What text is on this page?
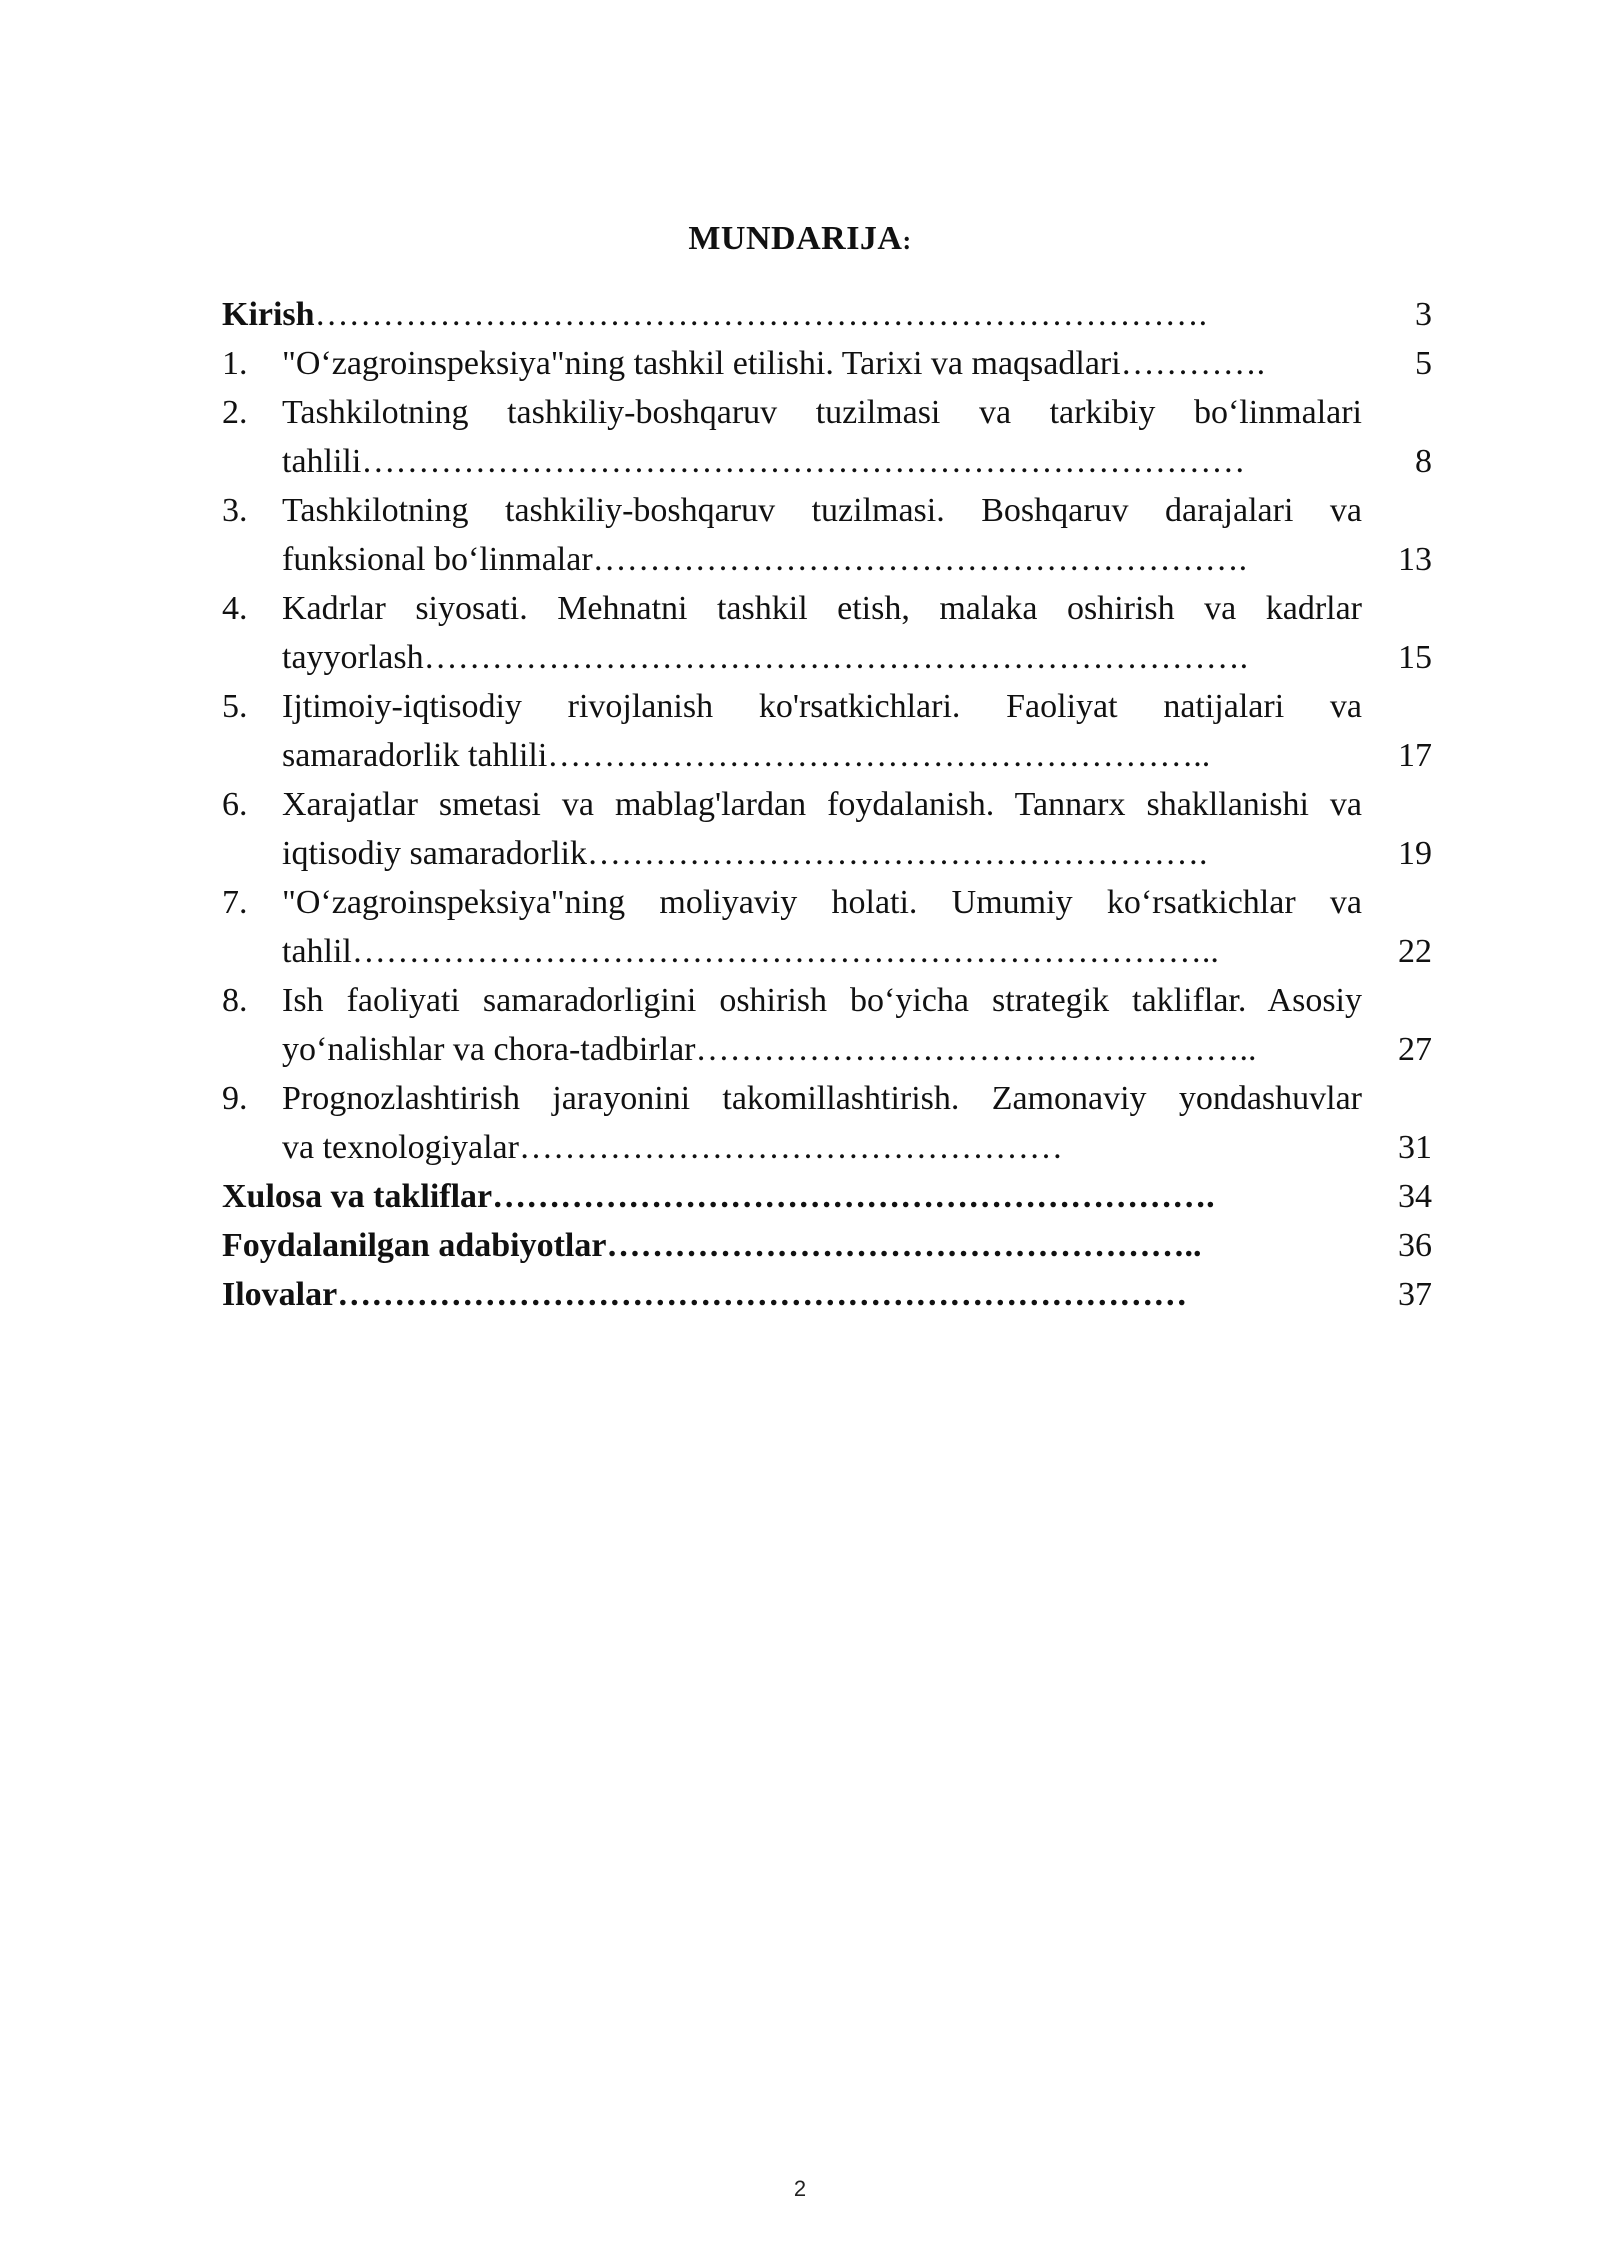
MUNDARIJA:
Kirish…………………………………………………………………….	3
1.	"O‘zagroinspeksiya"ning tashkil etilishi. Tarixi va maqsadlari………….	5
2.	Tashkilotning tashkiliy-boshqaruv tuzilmasi va tarkibiy bo‘linmalari
tahlili……………………………………………………………………	8
3.	Tashkilotning tashkiliy-boshqaruv tuzilmasi. Boshqaruv darajalari va
funksional bo‘linmalar………………………………………………….	13
4.	Kadrlar siyosati. Mehnatni tashkil etish, malaka oshirish va kadrlar
tayyorlash……………………………………………………………….	15
5.	Ijtimoiy-iqtisodiy rivojlanish ko'rsatkichlari. Faoliyat natijalari va
samaradorlik tahlili…………………………………………………..	17
6.	Xarajatlar smetasi va mablag'lardan foydalanish. Tannarx shakllanishi va
iqtisodiy samaradorlik……………………………………………….	19
7.	"O‘zagroinspeksiya"ning moliyaviy holati. Umumiy ko‘rsatkichlar va
tahlil…………………………………………………………………..	22
8.	Ish faoliyati samaradorligini oshirish bo‘yicha strategik takliflar. Asosiy
yo‘nalishlar va chora-tadbirlar…………………………………………..	27
9.	Prognozlashtirish jarayonini takomillashtirish. Zamonaviy yondashuvlar
va texnologiyalar…………………………………………	31
Xulosa va takliflar……………………………………………………….	34
Foydalanilgan adabiyotlar……………………………………………..	36
Ilovalar…………………………………………………………………	37
2
